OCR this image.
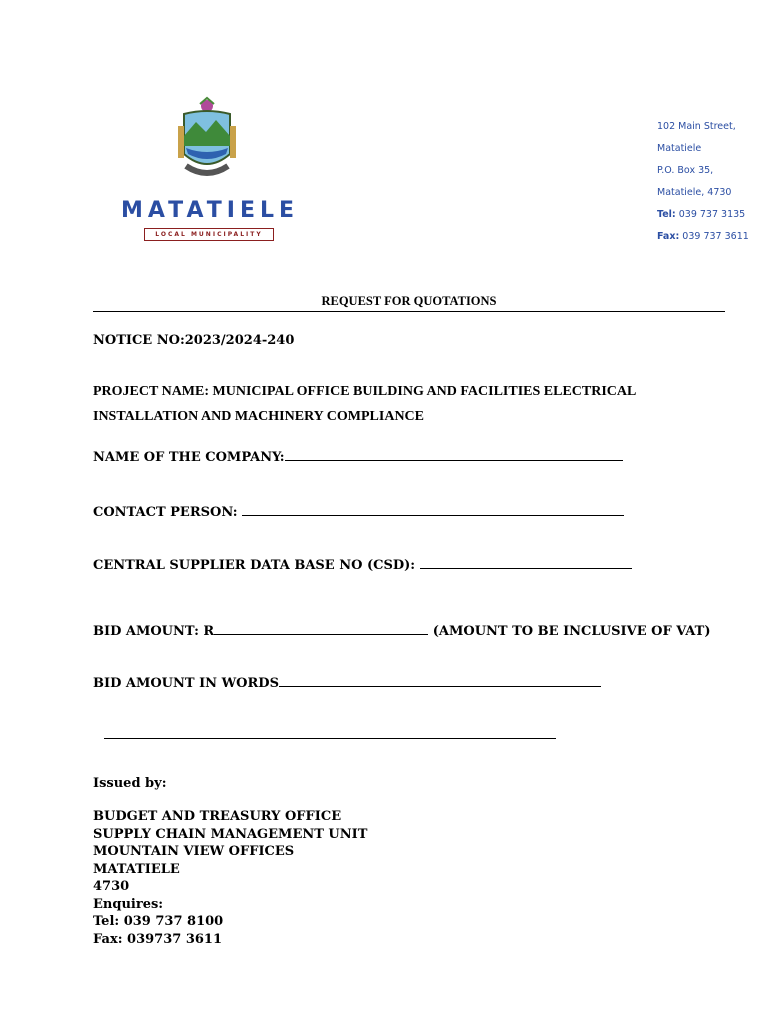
MATATIELE
LOCAL MUNICIPALITY
102 Main Street,
Matatiele
P.O. Box 35,
Matatiele, 4730
Tel: 039 737 3135
Fax: 039 737 3611
REQUEST FOR QUOTATIONS
NOTICE NO:2023/2024-240
PROJECT NAME: MUNICIPAL OFFICE BUILDING AND FACILITIES ELECTRICAL
INSTALLATION AND MACHINERY COMPLIANCE
NAME OF THE COMPANY:
CONTACT PERSON:
CENTRAL SUPPLIER DATA BASE NO (CSD):
BID AMOUNT: R	(AMOUNT TO BE INCLUSIVE OF VAT)
BID AMOUNT IN WORDS
Issued by:
BUDGET AND TREASURY OFFICE
SUPPLY CHAIN MANAGEMENT UNIT
MOUNTAIN VIEW OFFICES
MATATIELE
4730
Enquires:
Tel: 039 737 8100
Fax: 039737 3611
